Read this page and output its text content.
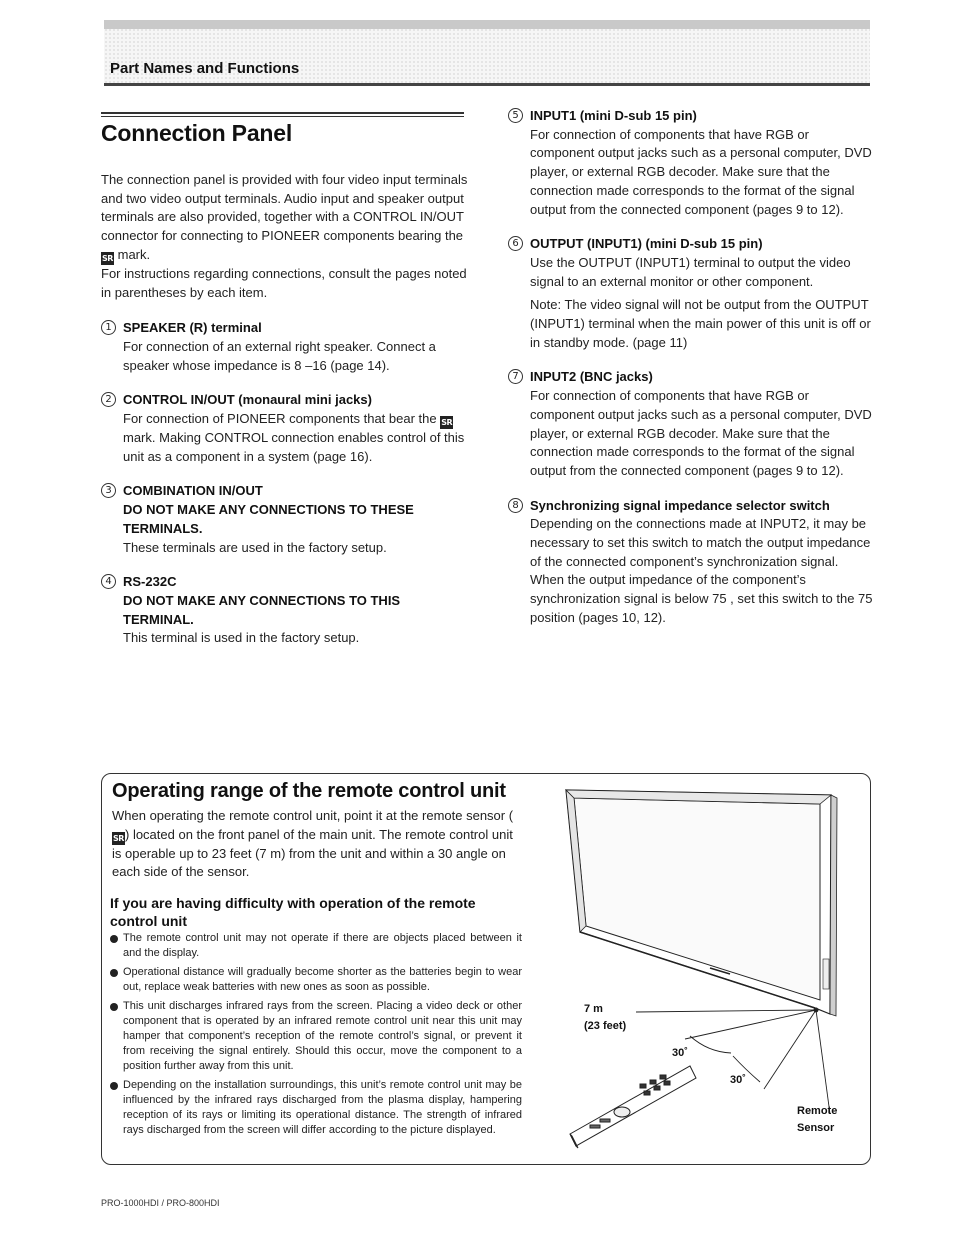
Part Names and Functions
Connection Panel

The connection panel is provided with four video input terminals and two video output terminals. Audio input and speaker output terminals are also provided, together with a CONTROL IN/OUT connector for connecting to PIONEER components bearing the SR mark.

For instructions regarding connections, consult the pages noted in parentheses by each item.

1 SPEAKER (R) terminal

For connection of an external right speaker. Connect a speaker whose impedance is 8 –16 (page 14).

2 CONTROL IN/OUT (monaural mini jacks)

For connection of PIONEER components that bear the SR mark. Making CONTROL connection enables control of this unit as a component in a system (page 16).

3 COMBINATION IN/OUT
DO NOT MAKE ANY CONNECTIONS TO THESE TERMINALS.

These terminals are used in the factory setup.

4 RS-232C
DO NOT MAKE ANY CONNECTIONS TO THIS TERMINAL.

This terminal is used in the factory setup.

5 INPUT1 (mini D-sub 15 pin)

For connection of components that have RGB or component output jacks such as a personal computer, DVD player, or external RGB decoder. Make sure that the connection made corresponds to the format of the signal output from the connected component (pages 9 to 12).

6 OUTPUT (INPUT1) (mini D-sub 15 pin)

Use the OUTPUT (INPUT1) terminal to output the video signal to an external monitor or other component.

Note: The video signal will not be output from the OUTPUT (INPUT1) terminal when the main power of this unit is off or in standby mode. (page 11)

7 INPUT2 (BNC jacks)

For connection of components that have RGB or component output jacks such as a personal computer, DVD player, or external RGB decoder. Make sure that the connection made corresponds to the format of the signal output from the connected component (pages 9 to 12).

8 Synchronizing signal impedance selector switch

Depending on the connections made at INPUT2, it may be necessary to set this switch to match the output impedance of the connected component’s synchronization signal.

When the output impedance of the component’s synchronization signal is below 75 , set this switch to the 75 position (pages 10, 12).

Operating range of the remote control unit

When operating the remote control unit, point it at the remote sensor (SR) located on the front panel of the main unit. The remote control unit is operable up to 23 feet (7 m) from the unit and within a 30 angle on each side of the sensor.

If you are having difficulty with operation of the remote control unit
The remote control unit may not operate if there are objects placed between it and the display.
Operational distance will gradually become shorter as the batteries begin to wear out, replace weak batteries with new ones as soon as possible.
This unit discharges infrared rays from the screen. Placing a video deck or other component that is operated by an infrared remote control unit near this unit may hamper that component’s reception of the remote control’s signal, or prevent it from receiving the signal entirely. Should this occur, move the component to a position further away from this unit.
Depending on the installation surroundings, this unit’s remote control unit may be influenced by the infrared rays discharged from the plasma display, hampering reception of its rays or limiting its operational distance. The strength of infrared rays discharged from the screen will differ according to the picture displayed.
7 m
(23 feet)
30˚
30˚
Remote
Sensor
PRO-1000HDI / PRO-800HDI
